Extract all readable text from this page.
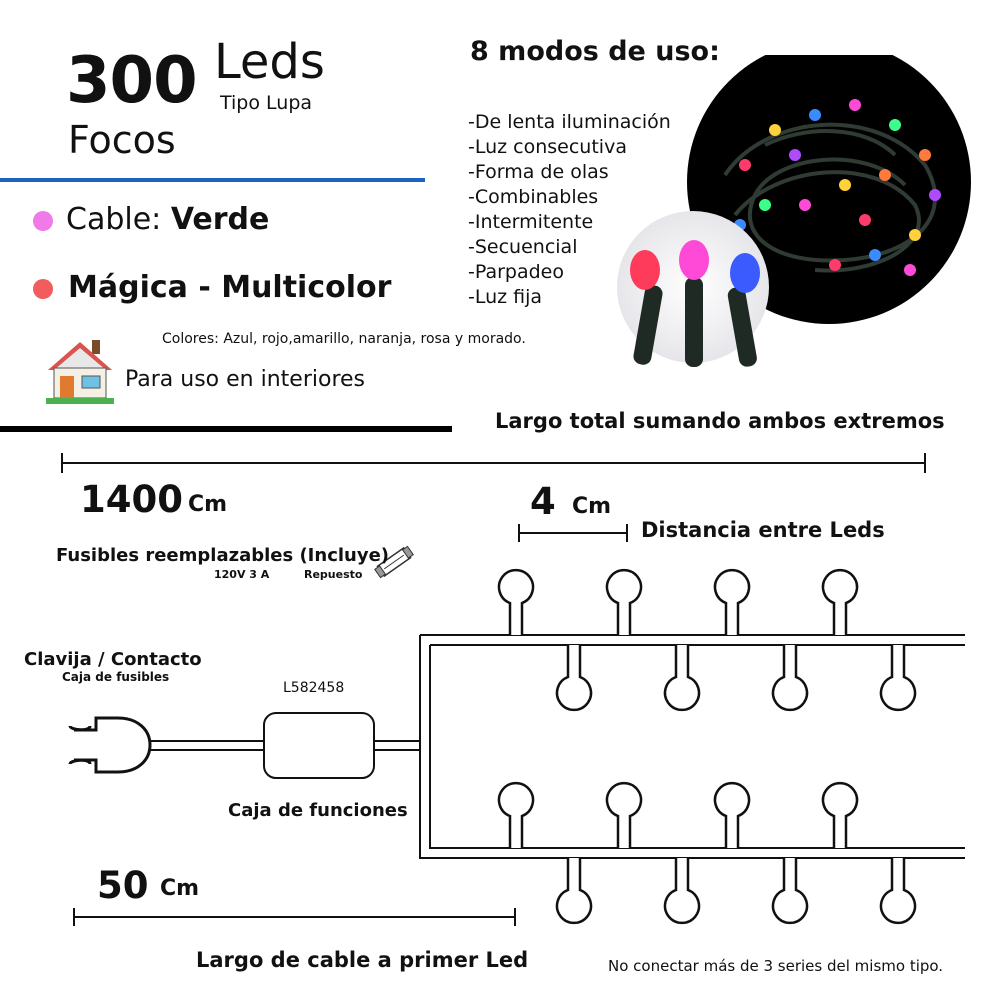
300 Leds
Tipo Lupa
Focos
Cable: Verde
Mágica - Multicolor
Colores: Azul, rojo,amarillo, naranja, rosa y morado.
Para uso en interiores
8 modos de uso:
-De lenta iluminación
-Luz consecutiva
-Forma de olas
-Combinables
-Intermitente
-Secuencial
-Parpadeo
-Luz fija
Largo total sumando ambos extremos
1400 Cm	4 Cm
Distancia entre Leds
Fusibles reemplazables (Incluye)
120V 3 A	Repuesto
Clavija / Contacto
Caja de fusibles
L582458
Caja de funciones
50 Cm
Largo de cable a primer Led	No conectar más de 3 series del mismo tipo.
